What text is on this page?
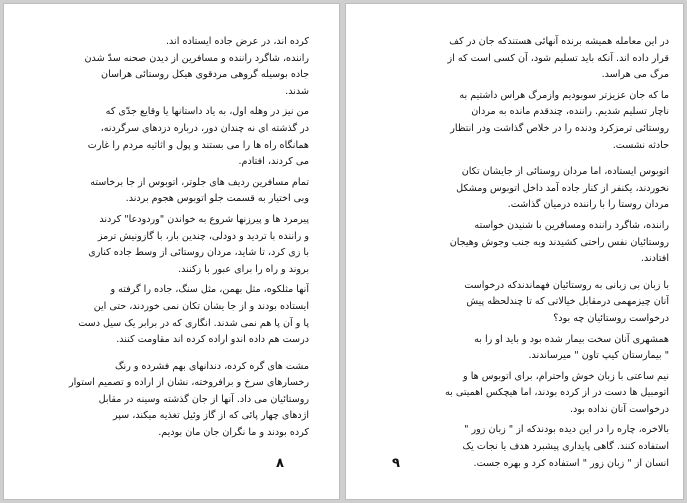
کرده اند، در عرض جاده ایستاده اند.
راننده، شاگرد راننده و مسافرین از دیدن صحنه سدّ شدن
جاده بوسیله گروهی مردقوی هیکل روستائی هراسان
شدند.
من نیز در وهله اول، به یاد داستانها یا وقایع جدّی که
در گذشته ای نه چندان دور، درباره دزدهای سرگردنه،
همانگاه راه ها را می بستند و پول و اثاثیه مردم را غارت
می کردند، افتادم.
تمام مسافرین ردیف های جلوتر، اتوبوس از جا برخاسته
وبی اختیار به قسمت جلو اتوبوس هجوم بردند.
پیرمرد ها و پیرزنها شروع به خواندن "وردودعا" کردند
و راننده با تردید و دودلی، چندین بار، با گازونیش ترمز
با زی کرد، تا شاید، مردان روستائی از وسط جاده کناری
بروند و راه را برای عبور با زکنند.
آنها مثلکوه، مثل بهمن، مثل سنگ، جاده را گرفته و
ایستاده بودند و از جا یشان تکان نمی خوردند، حتی این
پا و آن پا هم نمی شدند. انگاری که در برابر یک سیل دست
درست هم داده اندو اراده کرده اند مقاومت کنند.
مشت های گره کرده، دندانهای بهم فشرده و رنگ
رخسارهای سرخ و برافروخته، نشان از اراده و تصمیم استوار
روستائیان می داد. آنها از جان گذشته وسینه در مقابل
اژدهای چهار پائی که از گاز وئیل تغذیه میکند، سپر
کرده بودند و ما نگران جان مان بودیم.
۸
در این معامله همیشه برنده آنهائی هستندکه جان در کف
قرار داده اند. آنکه باید تسلیم شود، آن کسی است که از
مرگ می هراسد.
ما که جان عزیزتر سوبودیم وازمرگ هراس داشتیم به
ناچار تسلیم شدیم. راننده، چندقدم مانده به مردان
روستائی ترمزکرد ودنده را در خلاص گذاشت ودر انتظار
حادثه نشست.
اتوبوس ایستاده، اما مردان روستائی از جایشان تکان
نخوردند، یکنفر از کنار جاده آمد داخل اتوبوس ومشکل
مردان روستا را با راننده درمیان گذاشت.
راننده، شاگرد راننده ومسافرین با شنیدن خواسته
روستائیان نفس راحتی کشیدند وبه جنب وجوش وهیجان
افتادند.
با زبان بی زبانی به روستائیان فهماندندکه درخواست
آنان چیزمهمی درمقابل خیالاتی که تا چندلحظه پیش
درخواست روستائیان چه بود؟
همشهری آنان سخت بیمار شده بود و باید او را به
" بیمارستان کیپ تاون " میرساندند.
نیم ساعتی با زبان خوش واحترام، برای اتوبوس ها و
اتومبیل ها دست در از کرده بودند، اما هیچکس اهمیتی به
درخواست آنان نداده بود.
بالاخره، چاره را در این دیده بودندکه از " زبان زور "
استفاده کنند. گاهی پایداری پیشبرد هدف یا نجات یک
انسان از " زبان زور " استفاده کرد و بهره جست.
۹
